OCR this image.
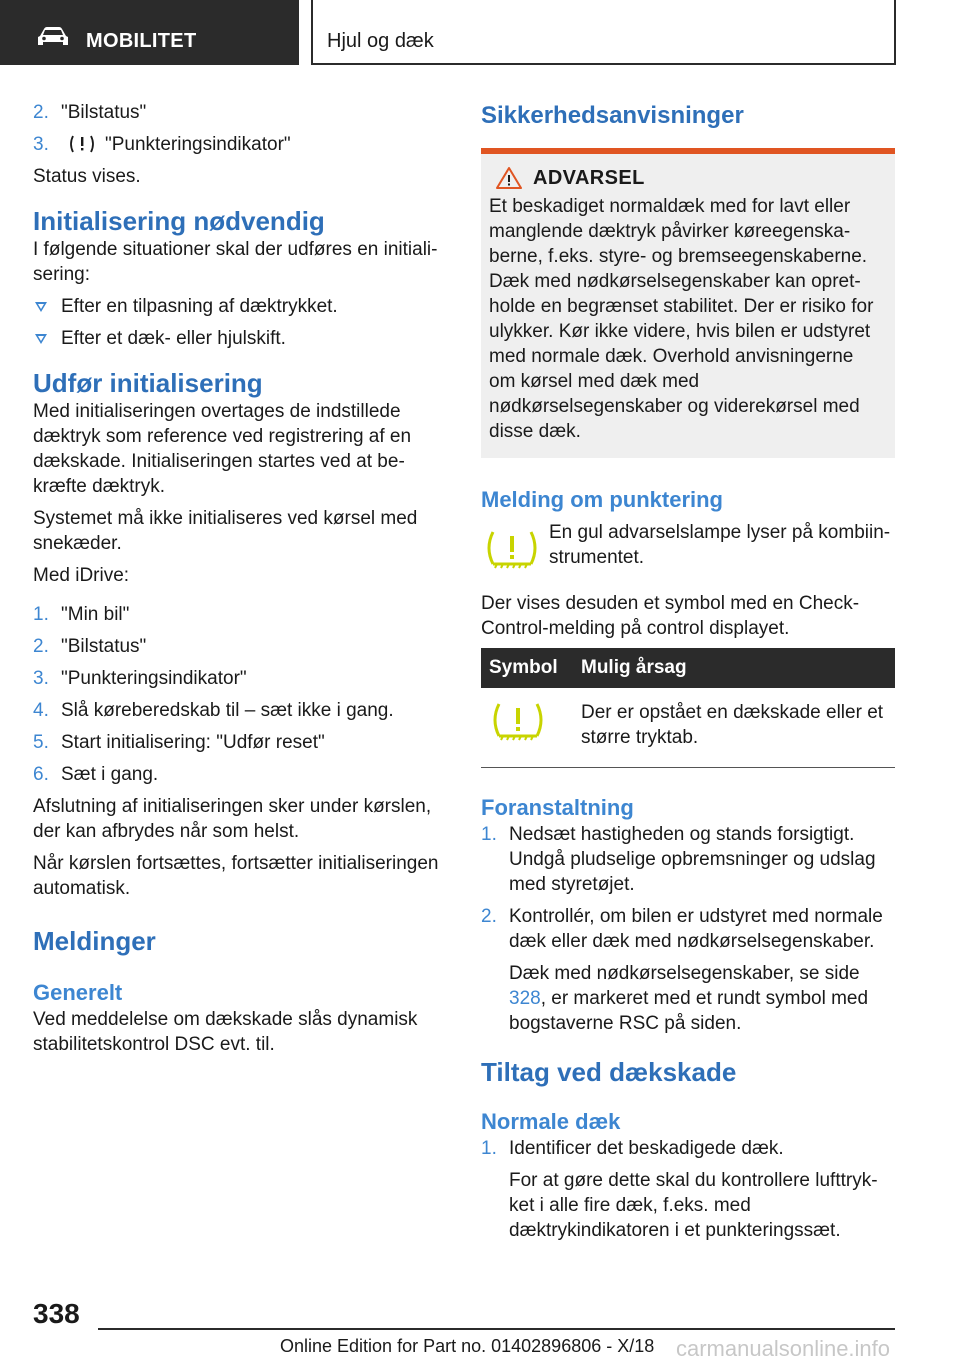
MOBILITET	Hjul og dæk
2. "Bilstatus"
3.	"Punkteringsindikator"

Status vises.

Initialisering nødvendig

I følgende situationer skal der udføres en initialisering:

Efter en tilpasning af dæktrykket.
Efter et dæk- eller hjulskift.
Udfør initialisering

Med initialiseringen overtages de indstillede dæktryk som reference ved registrering af en dækskade. Initialiseringen startes ved at bekræfte dæktryk.

Systemet må ikke initialiseres ved kørsel med snekæder.

Med iDrive:

1. "Min bil"
2. "Bilstatus"
3. "Punkteringsindikator"
4. Slå kørеberedskab til – sæt ikke i gang.
5. Start initialisering: "Udfør reset"
6. Sæt i gang.

Afslutning af initialiseringen sker under kørslen, der kan afbrydes når som helst.

Når kørslen fortsættes, fortsætter initialiseringen automatisk.

Meldinger
Generelt

Ved meddelelse om dækskade slås dynamisk stabilitetskontrol DSC evt. til.

Sikkerhedsanvisninger
ADVARSEL

Et beskadiget normaldæk med for lavt eller manglende dæktryk påvirker køreegenskaberne, f.eks. styre- og bremseegenskaberne. Dæk med nødkørselsegenskaber kan opretholde en begrænset stabilitet. Der er risiko for ulykker. Kør ikke videre, hvis bilen er udstyret med normale dæk. Overhold anvisningerne om kørsel med dæk med nødkørselsegenskaber og viderekørsel med disse dæk.

Melding om punktering

En gul advarselslampe lyser på kombiinstrumentet.

Der vises desuden et symbol med en Check-Control-melding på control displayet.

Symbol	Mulig årsag
	Der er opstået en dækskade eller et større tryktab.
Foranstaltning
1. Nedsæt hastigheden og stands forsigtigt. Undgå pludselige opbremsninger og udslag med styretøjet.
2. Kontrollér, om bilen er udstyret med normale dæk eller dæk med nødkørselsegenskaber.

Dæk med nødkørselsegenskaber, se side 328, er markeret med et rundt symbol med bogstaverne RSC på siden.

Tiltag ved dækskade
Normale dæk
1. Identificer det beskadigede dæk.

For at gøre dette skal du kontrollere lufttrykket i alle fire dæk, f.eks. med dæktrykindikatoren i et punkteringssæt.

338
Online Edition for Part no. 01402896806 - X/18 carmanualsonline.info
